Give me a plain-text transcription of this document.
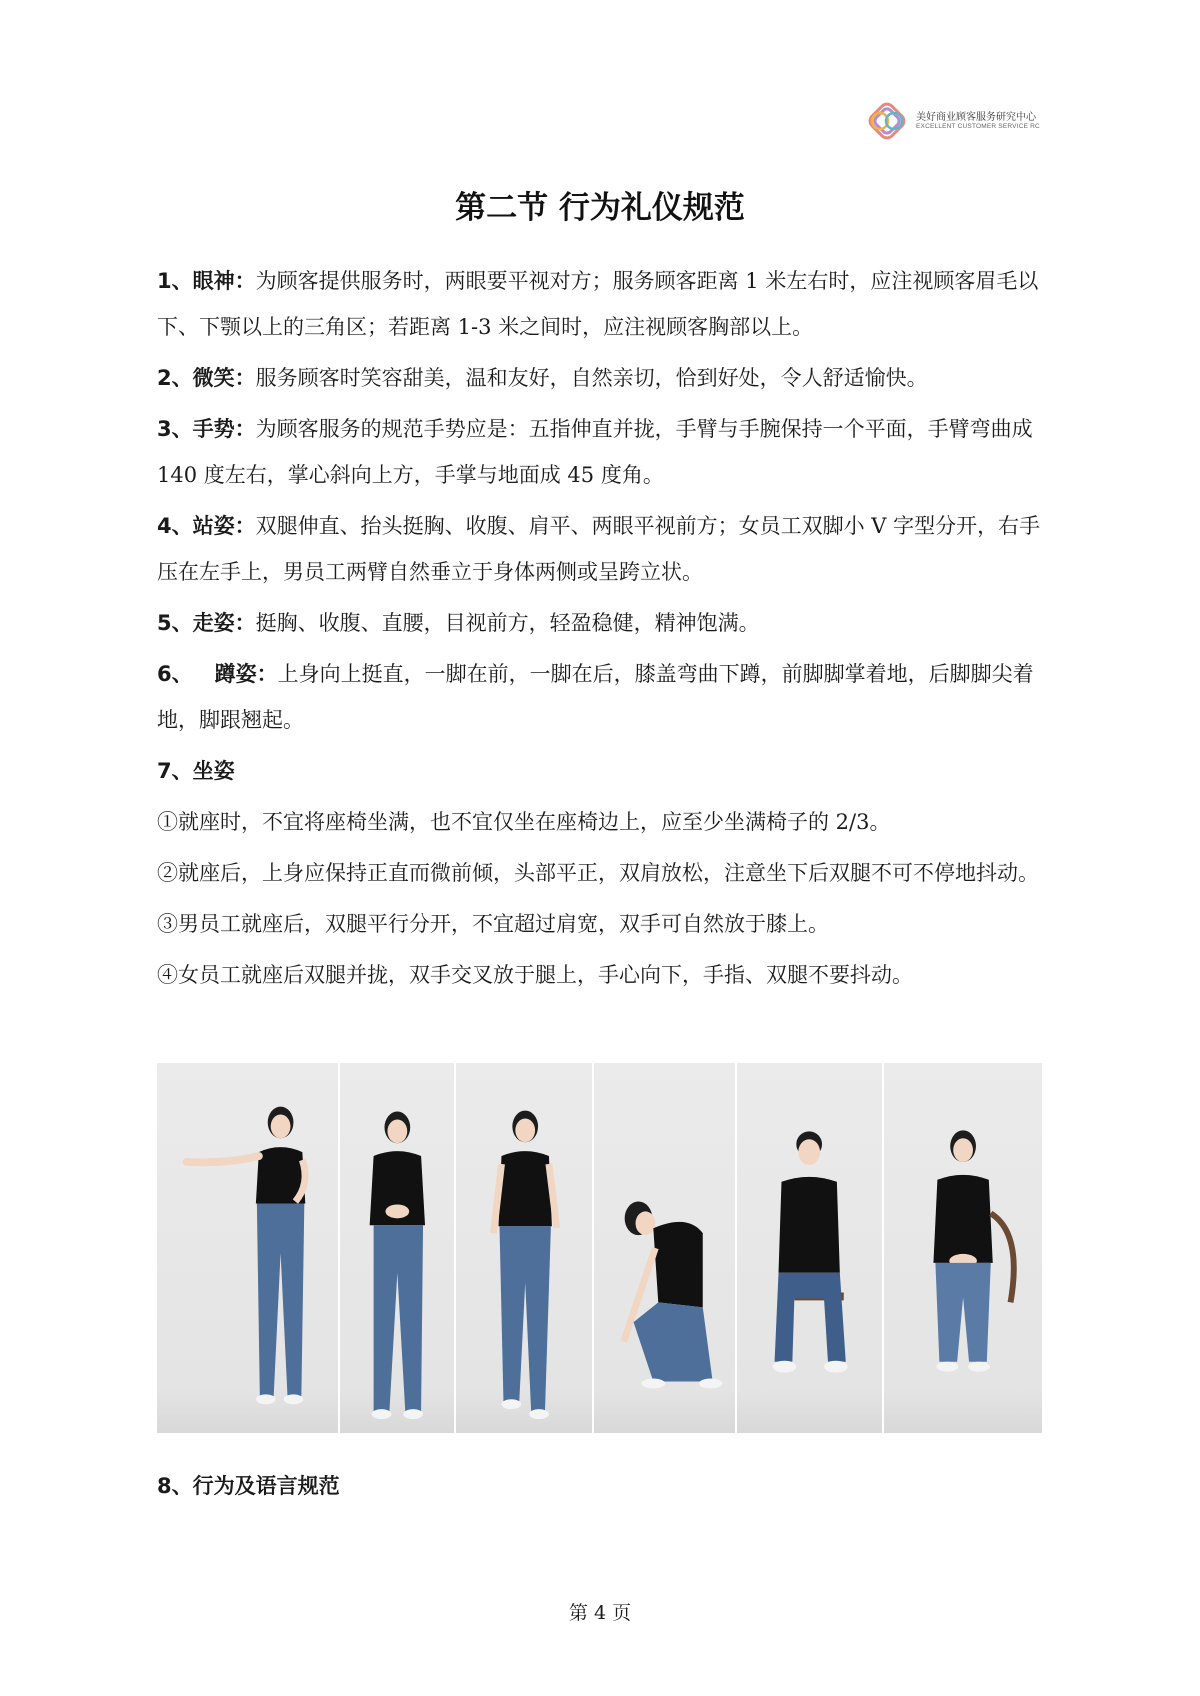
美好商业顾客服务研究中心
EXCELLENT CUSTOMER SERVICE RC
第二节 行为礼仪规范

1、眼神：为顾客提供服务时，两眼要平视对方；服务顾客距离 1 米左右时，应注视顾客眉毛以下、下颚以上的三角区；若距离 1-3 米之间时，应注视顾客胸部以上。

2、微笑：服务顾客时笑容甜美，温和友好，自然亲切，恰到好处，令人舒适愉快。

3、手势：为顾客服务的规范手势应是：五指伸直并拢，手臂与手腕保持一个平面，手臂弯曲成 140 度左右，掌心斜向上方，手掌与地面成 45 度角。

4、站姿：双腿伸直、抬头挺胸、收腹、肩平、两眼平视前方；女员工双脚小 V 字型分开，右手压在左手上，男员工两臂自然垂立于身体两侧或呈跨立状。

5、走姿：挺胸、收腹、直腰，目视前方，轻盈稳健，精神饱满。

6、 蹲姿：上身向上挺直，一脚在前，一脚在后，膝盖弯曲下蹲，前脚脚掌着地，后脚脚尖着地，脚跟翘起。

7、坐姿

①就座时，不宜将座椅坐满，也不宜仅坐在座椅边上，应至少坐满椅子的 2/3。

②就座后，上身应保持正直而微前倾，头部平正，双肩放松，注意坐下后双腿不可不停地抖动。

③男员工就座后，双腿平行分开，不宜超过肩宽，双手可自然放于膝上。

④女员工就座后双腿并拢，双手交叉放于腿上，手心向下，手指、双腿不要抖动。

8、行为及语言规范
第 4 页
